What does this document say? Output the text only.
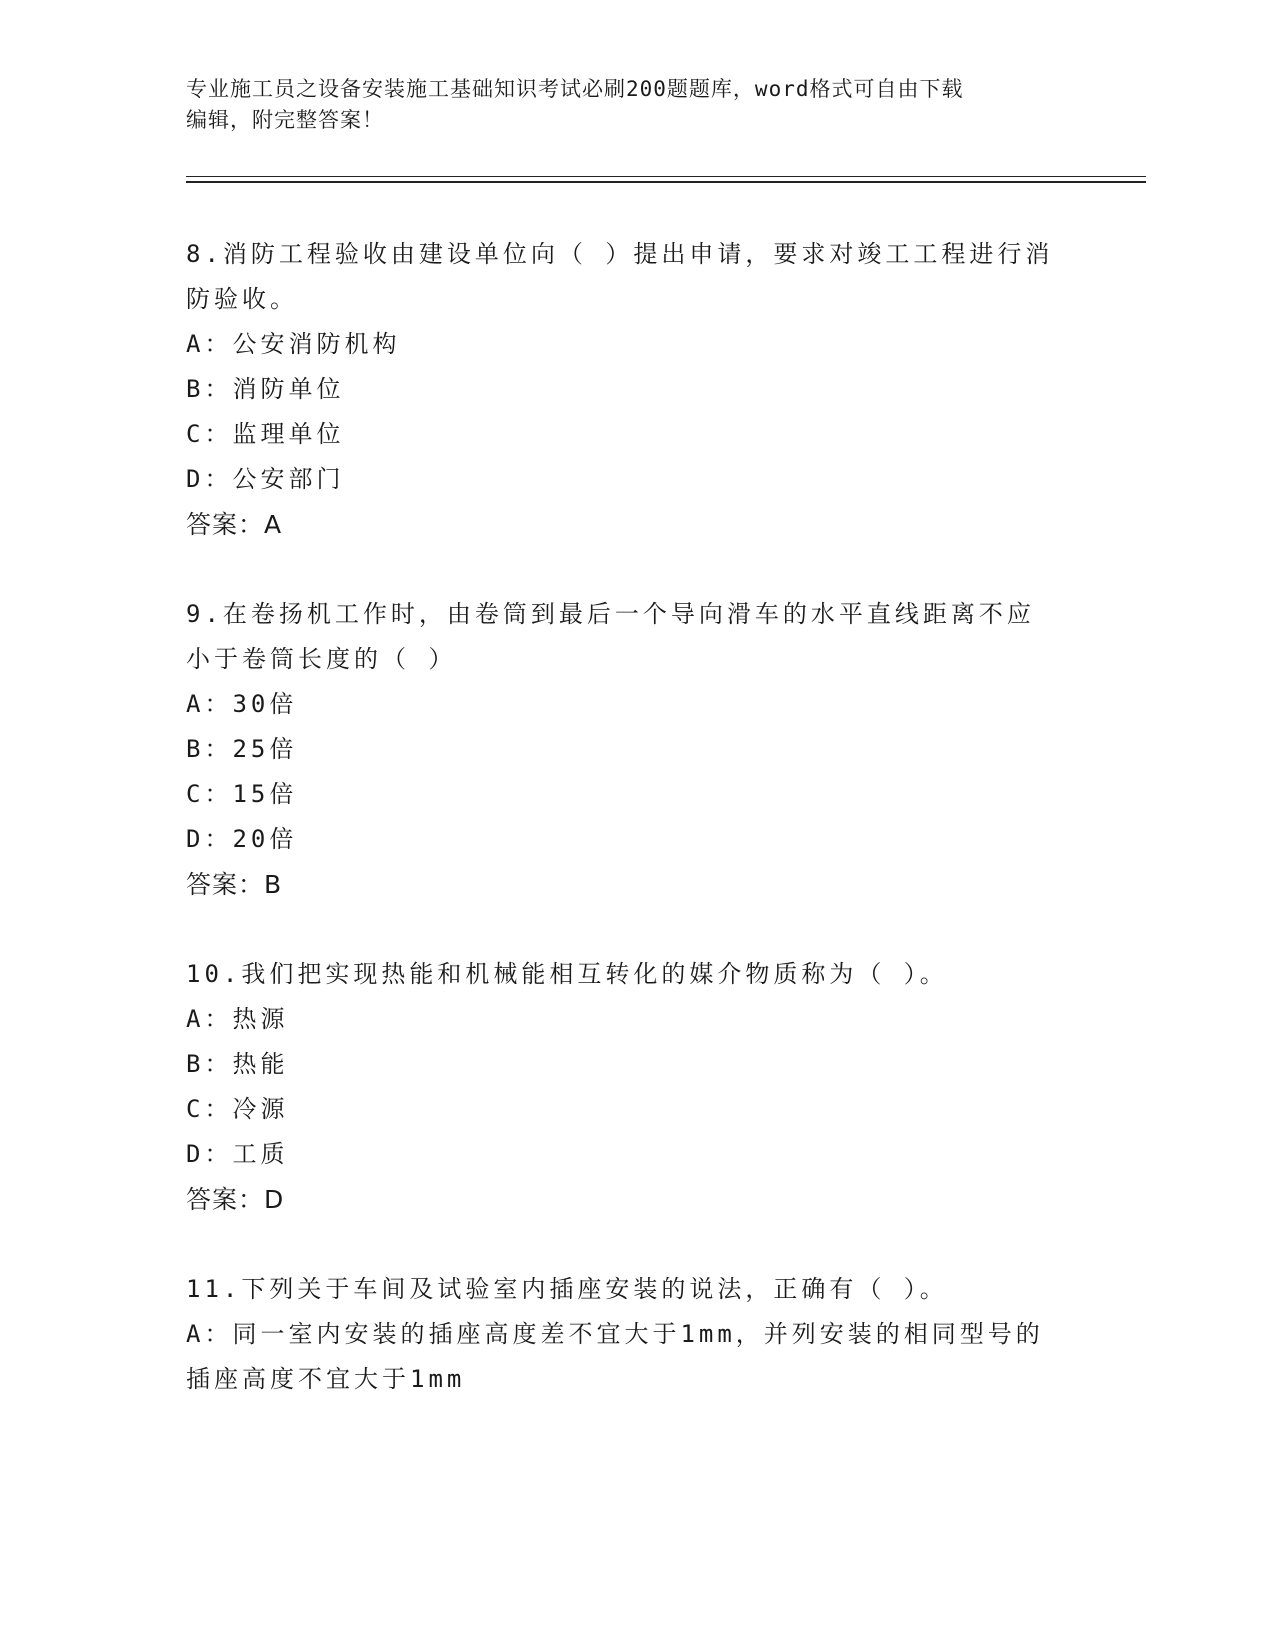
专业施工员之设备安装施工基础知识考试必刷200题题库，word格式可自由下载
编辑，附完整答案！

8.消防工程验收由建设单位向（ ）提出申请，要求对竣工工程进行消

防验收。

A：公安消防机构

B：消防单位

C：监理单位

D：公安部门

答案：A

9.在卷扬机工作时，由卷筒到最后一个导向滑车的水平直线距离不应

小于卷筒长度的（ ）

A：30倍

B：25倍

C：15倍

D：20倍

答案：B

10.我们把实现热能和机械能相互转化的媒介物质称为（ ）。

A：热源

B：热能

C：冷源

D：工质

答案：D

11.下列关于车间及试验室内插座安装的说法，正确有（ ）。

A：同一室内安装的插座高度差不宜大于1mm，并列安装的相同型号的

插座高度不宜大于1mm
